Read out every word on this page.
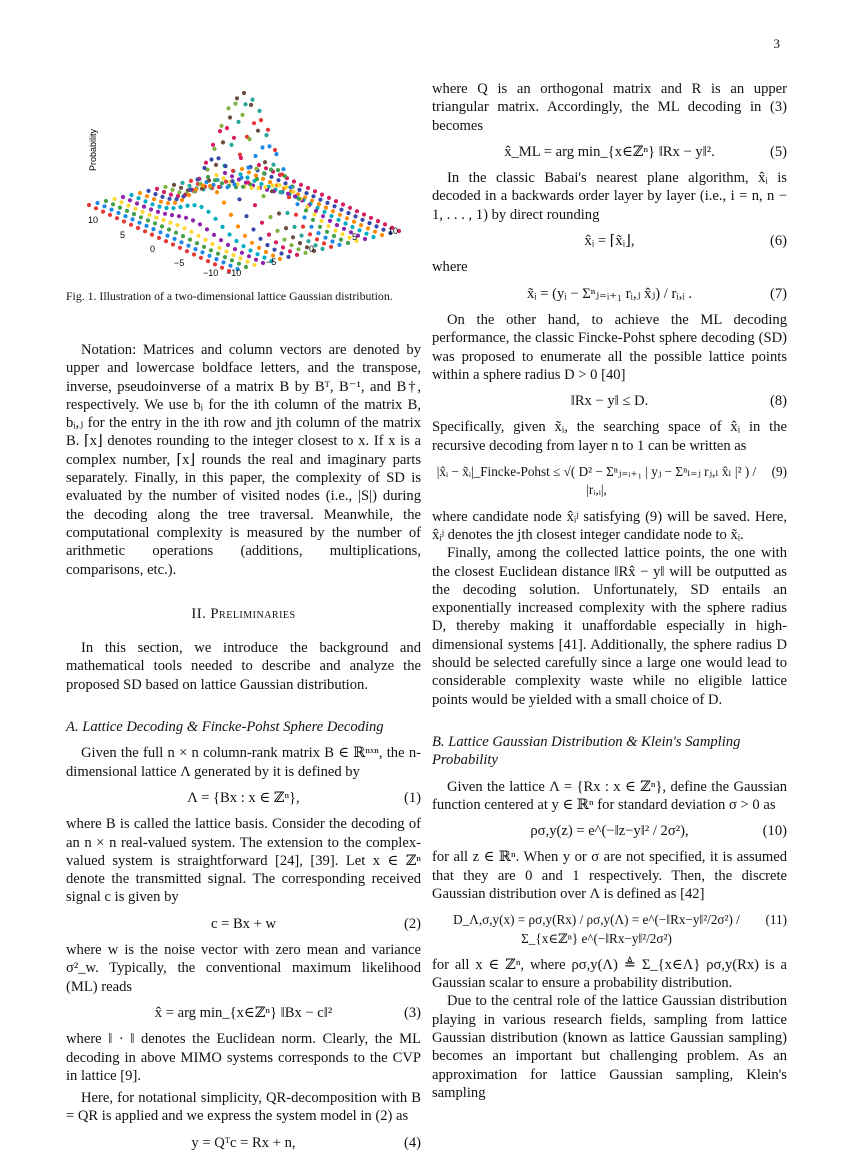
3
Probability
10
5
0
−5
−10 −10
−5
0
5
10

Fig. 1. Illustration of a two-dimensional lattice Gaussian distribution.

Notation: Matrices and column vectors are denoted by upper and lowercase boldface letters, and the transpose, inverse, pseudoinverse of a matrix B by Bᵀ, B⁻¹, and B†, respectively. We use bᵢ for the ith column of the matrix B, bᵢ,ⱼ for the entry in the ith row and jth column of the matrix B. ⌈x⌋ denotes rounding to the integer closest to x. If x is a complex number, ⌈x⌋ rounds the real and imaginary parts separately. Finally, in this paper, the complexity of SD is evaluated by the number of visited nodes (i.e., |S|) during the decoding along the tree traversal. Meanwhile, the computational complexity is measured by the number of arithmetic operations (additions, multiplications, comparisons, etc.).

II. Preliminaries

In this section, we introduce the background and mathematical tools needed to describe and analyze the proposed SD based on lattice Gaussian distribution.

A. Lattice Decoding & Fincke-Pohst Sphere Decoding

Given the full n × n column-rank matrix B ∈ ℝⁿˣⁿ, the n-dimensional lattice Λ generated by it is defined by

Λ = {Bx : x ∈ ℤⁿ},	(1)

where B is called the lattice basis. Consider the decoding of an n × n real-valued system. The extension to the complex-valued system is straightforward [24], [39]. Let x ∈ ℤⁿ denote the transmitted signal. The corresponding received signal c is given by

c = Bx + w	(2)

where w is the noise vector with zero mean and variance σ²_w. Typically, the conventional maximum likelihood (ML) reads

x̂ = arg min_{x∈ℤⁿ} ‖Bx − c‖²	(3)

where ‖ · ‖ denotes the Euclidean norm. Clearly, the ML decoding in above MIMO systems corresponds to the CVP in lattice [9].

Here, for notational simplicity, QR-decomposition with B = QR is applied and we express the system model in (2) as

y = Qᵀc = Rx + n,	(4)

where Q is an orthogonal matrix and R is an upper triangular matrix. Accordingly, the ML decoding in (3) becomes

x̂_ML = arg min_{x∈ℤⁿ} ‖Rx − y‖².	(5)

In the classic Babai's nearest plane algorithm, x̂ᵢ is decoded in a backwards order layer by layer (i.e., i = n, n − 1, . . . , 1) by direct rounding

x̂ᵢ = ⌈x̃ᵢ⌋,	(6)

where

x̃ᵢ = (yᵢ − Σⁿⱼ₌ᵢ₊₁ rᵢ,ⱼ x̂ⱼ) / rᵢ,ᵢ .	(7)

On the other hand, to achieve the ML decoding performance, the classic Fincke-Pohst sphere decoding (SD) was proposed to enumerate all the possible lattice points within a sphere radius D > 0 [40]

‖Rx − y‖ ≤ D.	(8)

Specifically, given x̃ᵢ, the searching space of x̂ᵢ in the recursive decoding from layer n to 1 can be written as

|x̂ᵢ − x̃ᵢ|_Fincke-Pohst ≤ √( D² − Σⁿⱼ₌ᵢ₊₁ | yⱼ − Σⁿₗ₌ⱼ rⱼ,ₗ x̂ₗ |² ) / |rᵢ,ᵢ|,
(9)

where candidate node x̂ᵢʲ satisfying (9) will be saved. Here, x̂ᵢʲ denotes the jth closest integer candidate node to x̃ᵢ.

Finally, among the collected lattice points, the one with the closest Euclidean distance ‖Rx̂ − y‖ will be outputted as the decoding solution. Unfortunately, SD entails an exponentially increased complexity with the sphere radius D, thereby making it unaffordable especially in high-dimensional systems [41]. Additionally, the sphere radius D should be selected carefully since a large one would lead to considerable complexity waste while no eligible lattice points would be yielded with a small choice of D.

B. Lattice Gaussian Distribution & Klein's Sampling Probability

Given the lattice Λ = {Rx : x ∈ ℤⁿ}, define the Gaussian function centered at y ∈ ℝⁿ for standard deviation σ > 0 as

ρσ,y(z) = e^(−‖z−y‖² / 2σ²),	(10)

for all z ∈ ℝⁿ. When y or σ are not specified, it is assumed that they are 0 and 1 respectively. Then, the discrete Gaussian distribution over Λ is defined as [42]

D_Λ,σ,y(x) = ρσ,y(Rx) / ρσ,y(Λ) = e^(−‖Rx−y‖²/2σ²) / Σ_{x∈ℤⁿ} e^(−‖Rx−y‖²/2σ²)
(11)

for all x ∈ ℤⁿ, where ρσ,y(Λ) ≜ Σ_{x∈Λ} ρσ,y(Rx) is a Gaussian scalar to ensure a probability distribution.

Due to the central role of the lattice Gaussian distribution playing in various research fields, sampling from lattice Gaussian distribution (known as lattice Gaussian sampling) becomes an important but challenging problem. As an approximation for lattice Gaussian sampling, Klein's sampling
